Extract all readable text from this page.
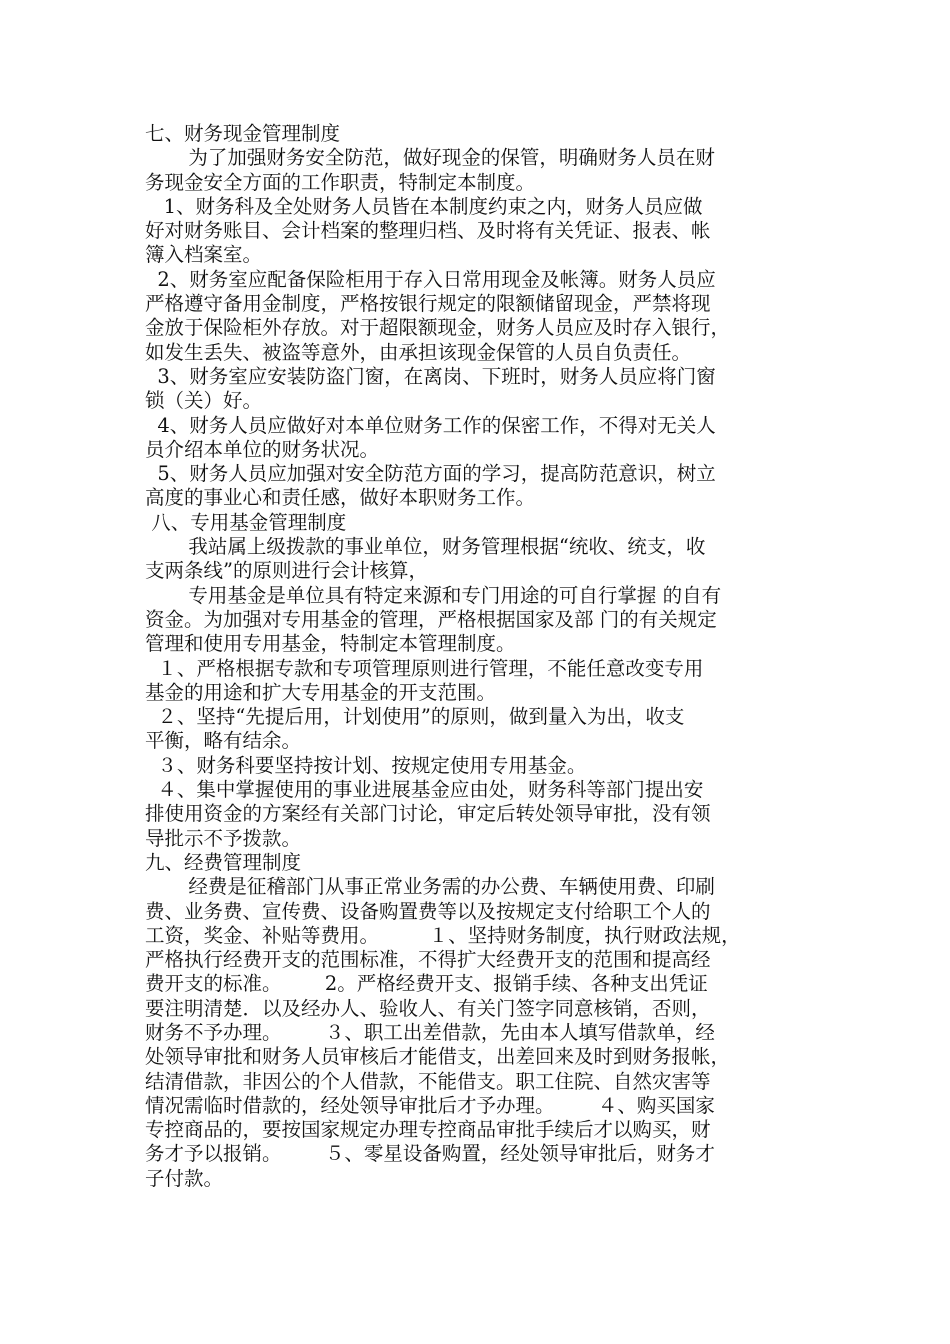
七、财务现金管理制度
为了加强财务安全防范，做好现金的保管，明确财务人员在财
务现金安全方面的工作职责，特制定本制度。
1、财务科及全处财务人员皆在本制度约束之内，财务人员应做
好对财务账目、会计档案的整理归档、及时将有关凭证、报表、帐
簿入档案室。
2、财务室应配备保险柜用于存入日常用现金及帐簿。财务人员应
严格遵守备用金制度，严格按银行规定的限额储留现金，严禁将现
金放于保险柜外存放。对于超限额现金，财务人员应及时存入银行，
如发生丢失、被盗等意外，由承担该现金保管的人员自负责任。
3、财务室应安装防盗门窗，在离岗、下班时，财务人员应将门窗
锁（关）好。
4、财务人员应做好对本单位财务工作的保密工作，不得对无关人
员介绍本单位的财务状况。
5、财务人员应加强对安全防范方面的学习，提高防范意识，树立
高度的事业心和责任感，做好本职财务工作。
八、专用基金管理制度
我站属上级拨款的事业单位，财务管理根据“统收、统支，收
支两条线”的原则进行会计核算，
专用基金是单位具有特定来源和专门用途的可自行掌握 的自有
资金。为加强对专用基金的管理，严格根据国家及部 门的有关规定
管理和使用专用基金，特制定本管理制度。
１、严格根据专款和专项管理原则进行管理，不能任意改变专用
基金的用途和扩大专用基金的开支范围。
２、坚持“先提后用，计划使用”的原则，做到量入为出，收支
平衡，略有结余。
３、财务科要坚持按计划、按规定使用专用基金。
４、集中掌握使用的事业进展基金应由处，财务科等部门提出安
排使用资金的方案经有关部门讨论，审定后转处领导审批，没有领
导批示不予拨款。
九、经费管理制度
经费是征稽部门从事正常业务需的办公费、车辆使用费、印刷
费、业务费、宣传费、设备购置费等以及按规定支付给职工个人的
工资，奖金、补贴等费用。        １、坚持财务制度，执行财政法规，
严格执行经费开支的范围标准，不得扩大经费开支的范围和提高经
费开支的标准。       2。严格经费开支、报销手续、各种支出凭证
要注明清楚．以及经办人、验收人、有关门签字同意核销，否则，
财务不予办理。       ３、职工出差借款，先由本人填写借款单，经
处领导审批和财务人员审核后才能借支，出差回来及时到财务报帐，
结清借款，非因公的个人借款，不能借支。职工住院、自然灾害等
情况需临时借款的，经处领导审批后才予办理。       ４、购买国家
专控商品的，要按国家规定办理专控商品审批手续后才以购买，财
务才予以报销。       ５、零星设备购置，经处领导审批后，财务才
子付款。
